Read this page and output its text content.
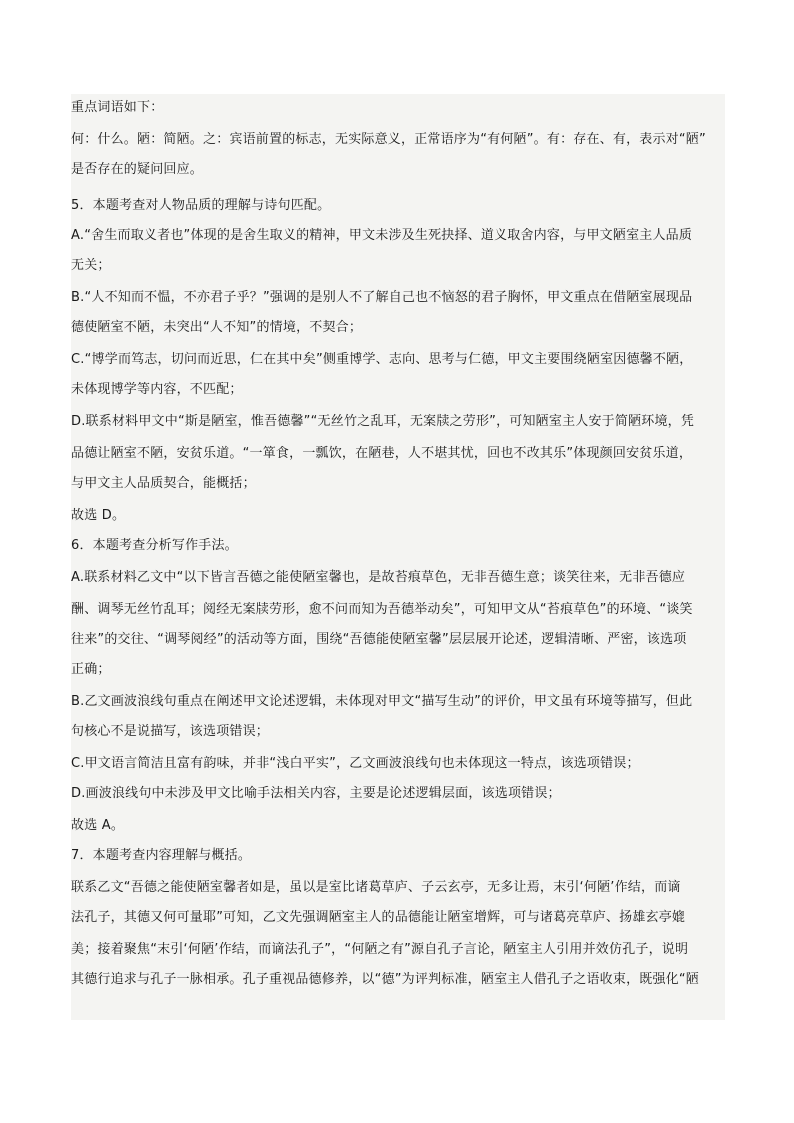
重点词语如下：
何：什么。陋：简陋。之：宾语前置的标志，无实际意义，正常语序为“有何陋”。有：存在、有，表示对“陋”
是否存在的疑问回应。
5．本题考查对人物品质的理解与诗句匹配。
A.“舍生而取义者也”体现的是舍生取义的精神，甲文未涉及生死抉择、道义取舍内容，与甲文陋室主人品质
无关；
B.“人不知而不愠，不亦君子乎？”强调的是别人不了解自己也不恼怒的君子胸怀，甲文重点在借陋室展现品
德使陋室不陋，未突出“人不知”的情境，不契合；
C.“博学而笃志，切问而近思，仁在其中矣”侧重博学、志向、思考与仁德，甲文主要围绕陋室因德馨不陋，
未体现博学等内容，不匹配；
D.联系材料甲文中“斯是陋室，惟吾德馨”“无丝竹之乱耳，无案牍之劳形”，可知陋室主人安于简陋环境，凭
品德让陋室不陋，安贫乐道。“一箪食，一瓢饮，在陋巷，人不堪其忧，回也不改其乐”体现颜回安贫乐道，
与甲文主人品质契合，能概括；
故选 D。
6．本题考查分析写作手法。
A.联系材料乙文中“以下皆言吾德之能使陋室馨也，是故苔痕草色，无非吾德生意；谈笑往来，无非吾德应
酬、调琴无丝竹乱耳；阅经无案牍劳形，愈不问而知为吾德举动矣”，可知甲文从“苔痕草色”的环境、“谈笑
往来”的交往、“调琴阅经”的活动等方面，围绕“吾德能使陋室馨”层层展开论述，逻辑清晰、严密，该选项
正确；
B.乙文画波浪线句重点在阐述甲文论述逻辑，未体现对甲文“描写生动”的评价，甲文虽有环境等描写，但此
句核心不是说描写，该选项错误；
C.甲文语言简洁且富有韵味，并非“浅白平实”，乙文画波浪线句也未体现这一特点，该选项错误；
D.画波浪线句中未涉及甲文比喻手法相关内容，主要是论述逻辑层面，该选项错误；
故选 A。
7．本题考查内容理解与概括。
联系乙文“吾德之能使陋室馨者如是，虽以是室比诸葛草庐、子云玄亭，无多让焉，末引‘何陋’作结，而谪
法孔子，其德又何可量耶”可知，乙文先强调陋室主人的品德能让陋室增辉，可与诸葛亮草庐、扬雄玄亭媲
美；接着聚焦“末引‘何陋’作结，而谪法孔子”，“何陋之有”源自孔子言论，陋室主人引用并效仿孔子，说明
其德行追求与孔子一脉相承。孔子重视品德修养，以“德”为评判标准，陋室主人借孔子之语收束，既强化“陋
